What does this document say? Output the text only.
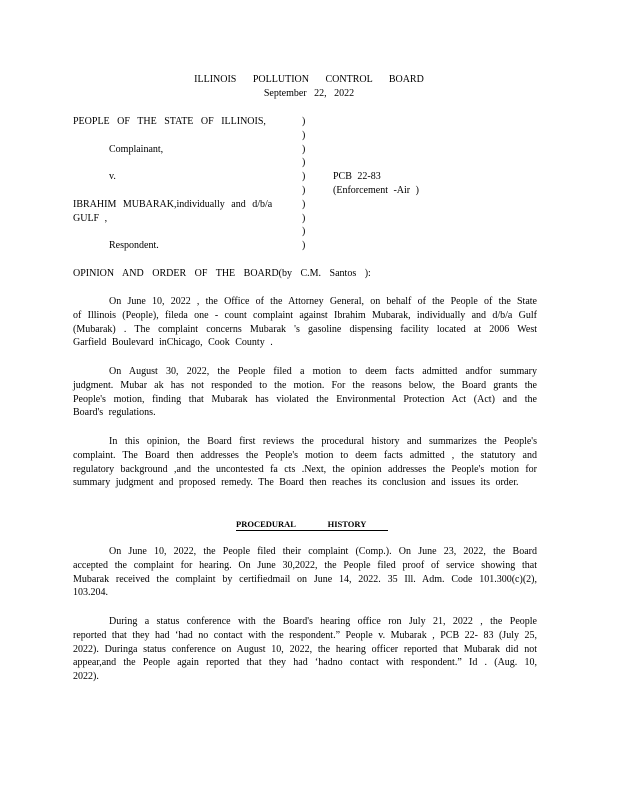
ILLINOIS POLLUTION CONTROL BOARD
September 22, 2022
PEOPLE OF THE STATE OF ILLINOIS,
Complainant,
v.
IBRAHIM MUBARAK,individually and d/b/a
GULF ,
Respondent.
)
)
)
)
)
)
)
)
)
)
PCB 22-83
(Enforcement -Air )
OPINION AND ORDER OF THE BOARD(by C.M. Santos ):

On June 10, 2022 , the Office of the Attorney General, on behalf of the People of the State of Illinois (People), fileda one - count complaint against Ibrahim Mubarak, individually and d/b/a Gulf (Mubarak) . The complaint concerns Mubarak 's gasoline dispensing facility located at 2006 West Garfield Boulevard inChicago, Cook County .

On August 30, 2022, the People filed a motion to deem facts admitted andfor summary judgment. Mubar ak has not responded to the motion. For the reasons below, the Board grants the People's motion, finding that Mubarak has violated the Environmental Protection Act (Act) and the Board's regulations.

In this opinion, the Board first reviews the procedural history and summarizes the People's complaint. The Board then addresses the People's motion to deem facts admitted , the statutory and regulatory background ,and the uncontested fa cts .Next, the opinion addresses the People's motion for summary judgment and proposed remedy. The Board then reaches its conclusion and issues its order.

PROCEDURAL HISTORY

On June 10, 2022, the People filed their complaint (Comp.). On June 23, 2022, the Board accepted the complaint for hearing. On June 30,2022, the People filed proof of service showing that Mubarak received the complaint by certifiedmail on June 14, 2022. 35 Ill. Adm. Code 101.300(c)(2), 103.204.

During a status conference with the Board's hearing office ron July 21, 2022 , the People reported that they had ‘had no contact with the respondent.” People v. Mubarak , PCB 22- 83 (July 25, 2022). Duringa status conference on August 10, 2022, the hearing officer reported that Mubarak did not appear,and the People again reported that they had ‘hadno contact with respondent.” Id . (Aug. 10, 2022).
